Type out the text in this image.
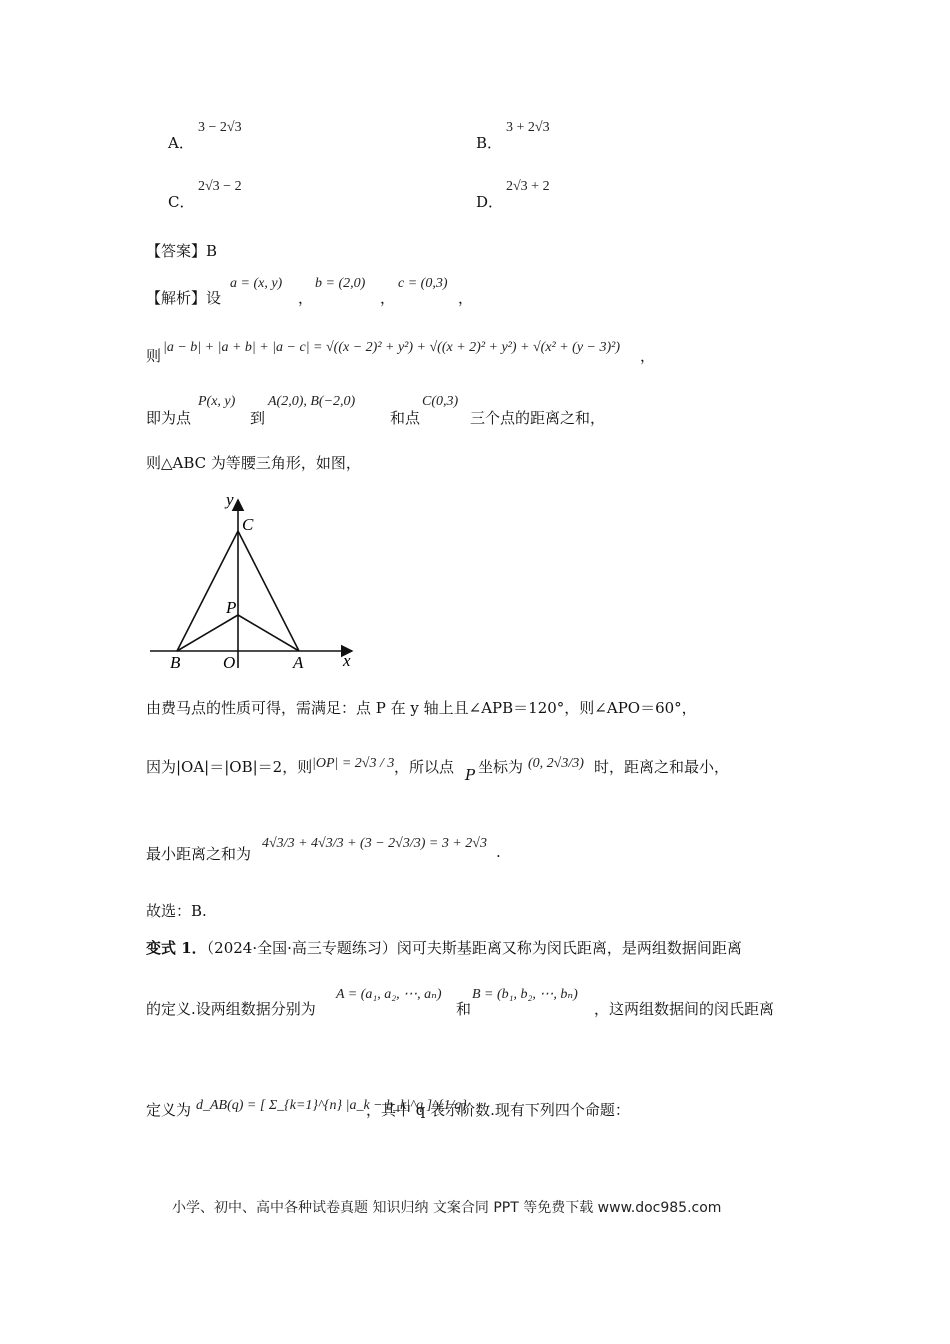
A．
3 − 2√3
B．
3 + 2√3
C．
2√3 − 2
D．
2√3 + 2
【答案】B
【解析】设
a = (x, y)
，
b = (2,0)
，
c = (0,3)
，
则 |a − b| + |a + b| + |a − c| = √((x − 2)² + y²) + √((x + 2)² + y²) + √(x² + (y − 3)²) ，
即为点
P(x, y)
到
A(2,0), B(−2,0)
和点
C(0,3)
三个点的距离之和，
则△ABC 为等腰三角形，如图，
y
x
C
P
B	O	A
由费马点的性质可得，需满足：点 P 在 y 轴上且∠APB＝120°，则∠APO＝60°，
因为|OA|＝|OB|＝2，则 |OP| = 2√3 / 3 ，所以点 P 坐标为 (0, 2√3/3) 时，距离之和最小，
最小距离之和为
4√3/3 + 4√3/3 + (3 − 2√3/3) = 3 + 2√3 .
故选：B.
变式 1．（2024·全国·高三专题练习）闵可夫斯基距离又称为闵氏距离，是两组数据间距离
的定义.设两组数据分别为
A = (a₁, a₂, ⋯, aₙ)
和
B = (b₁, b₂, ⋯, bₙ)
，这两组数据间的闵氏距离
定义为 d_AB(q) = [ Σ_{k=1}^{n} |a_k − b_k|^q ]^{1/q}
，其中 q 表示阶数.现有下列四个命题：
小学、初中、高中各种试卷真题 知识归纳 文案合同 PPT 等免费下载 www.doc985.com
